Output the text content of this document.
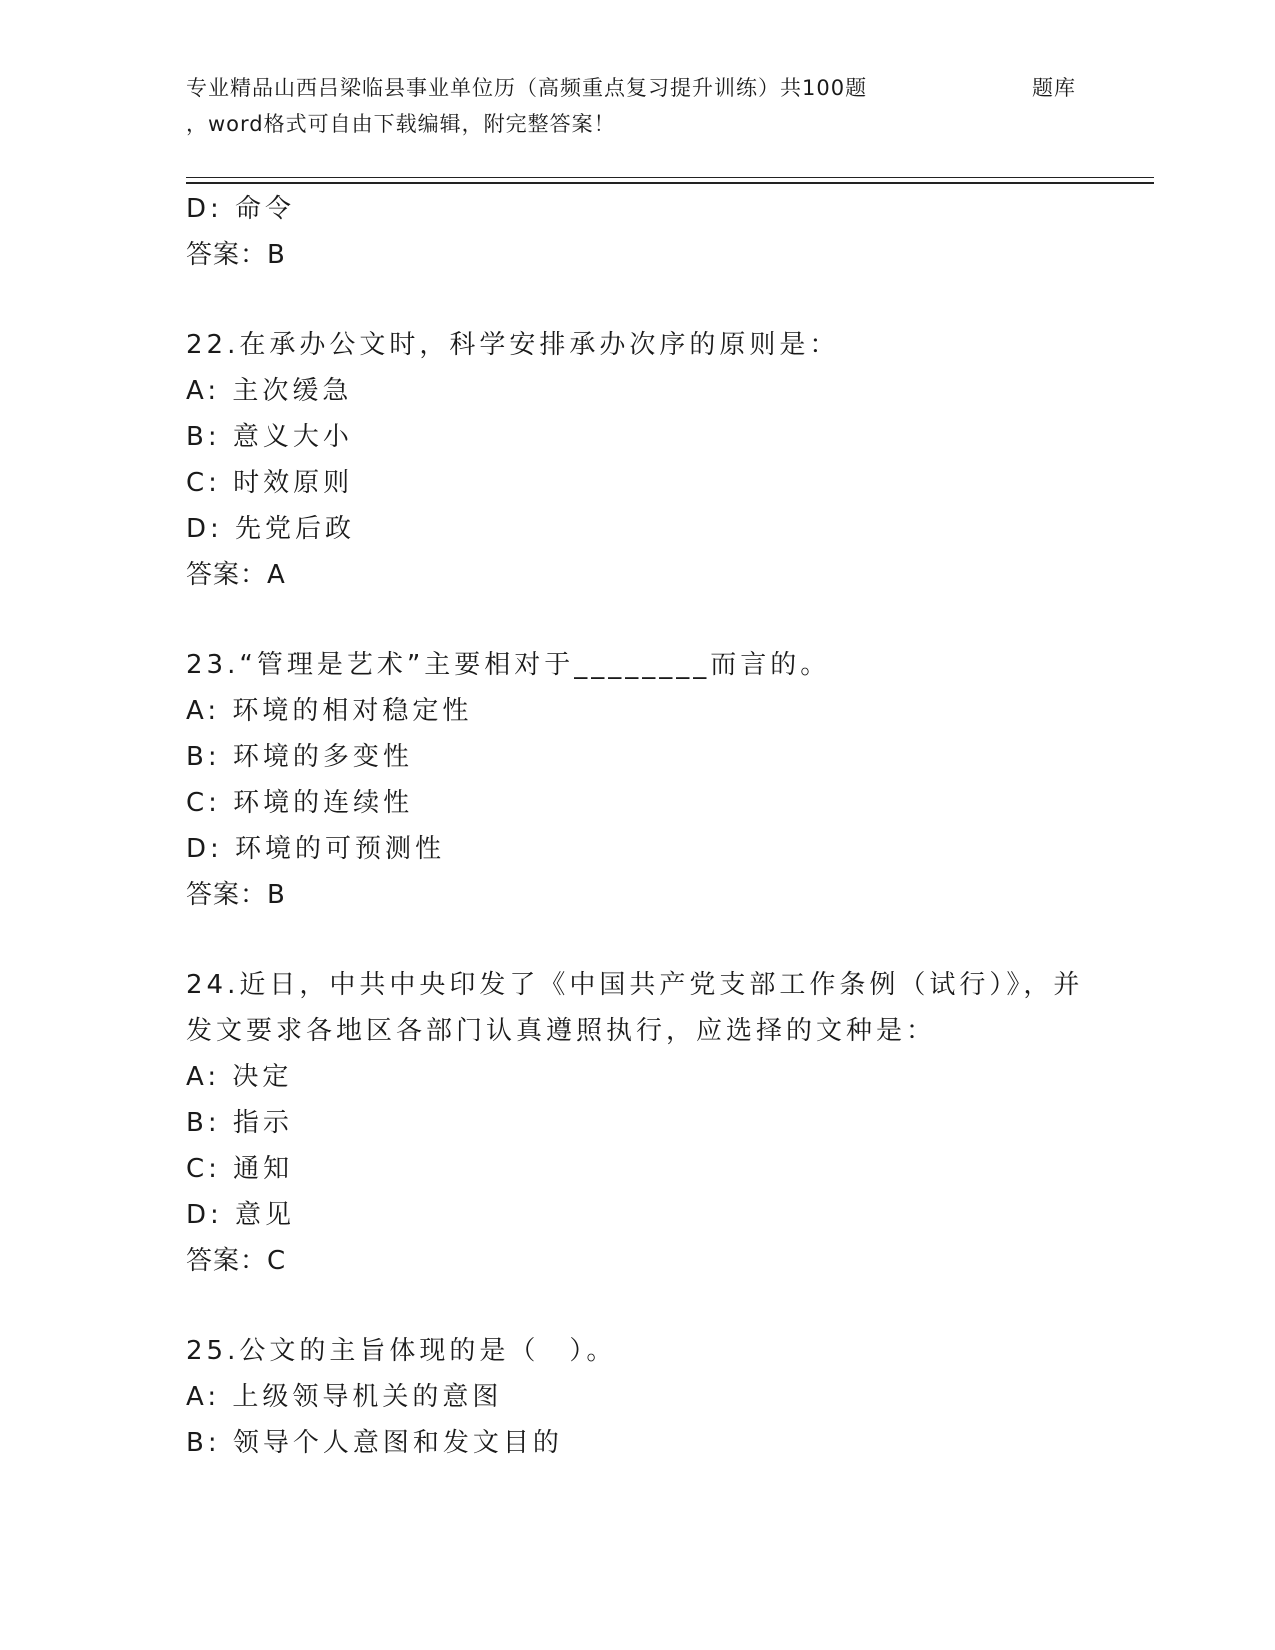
专业精品山西吕梁临县事业单位历（高频重点复习提升训练）共100题	题库
，word格式可自由下载编辑，附完整答案！
D: 命令
答案：B
22.在承办公文时，科学安排承办次序的原则是：
A: 主次缓急
B: 意义大小
C: 时效原则
D: 先党后政
答案：A
23.“管理是艺术”主要相对于________而言的。
A: 环境的相对稳定性
B: 环境的多变性
C: 环境的连续性
D: 环境的可预测性
答案：B
24.近日，中共中央印发了《中国共产党支部工作条例（试行）》，并
发文要求各地区各部门认真遵照执行，应选择的文种是：
A: 决定
B: 指示
C: 通知
D: 意见
答案：C
25.公文的主旨体现的是（　）。
A: 上级领导机关的意图
B: 领导个人意图和发文目的
